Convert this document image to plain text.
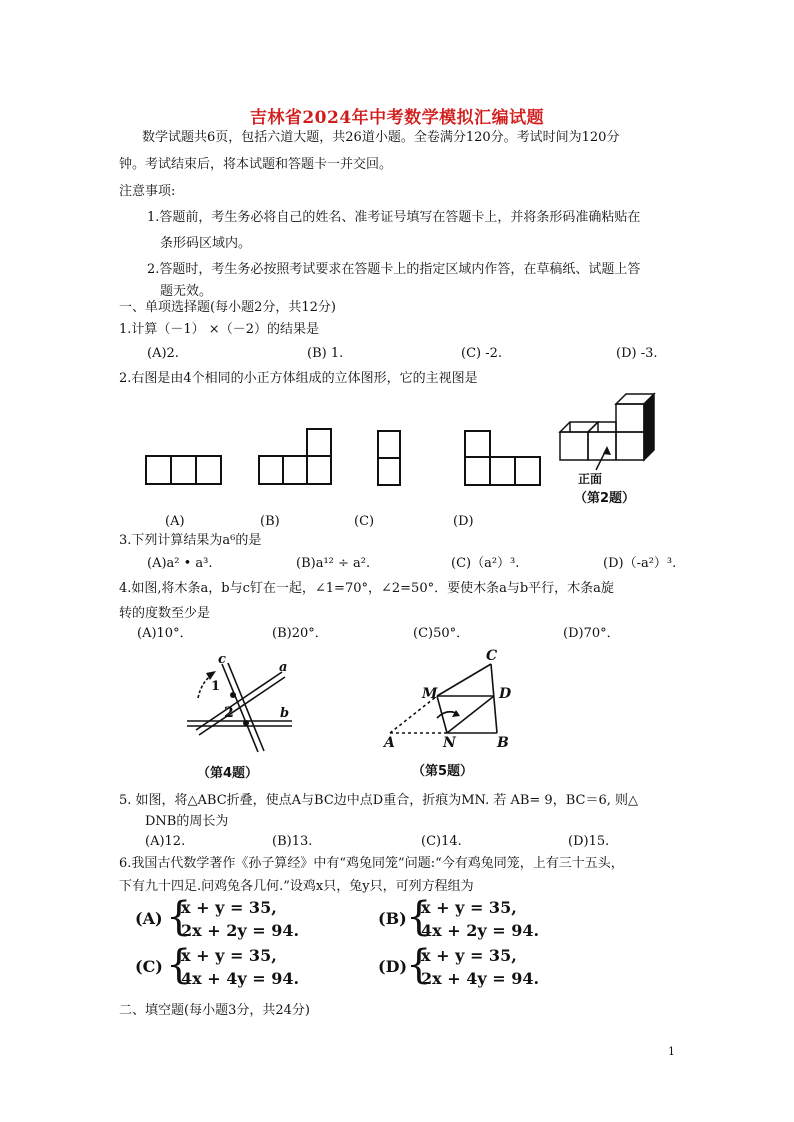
吉林省2024年中考数学模拟汇编试题
数学试题共6页，包括六道大题，共26道小题。全卷满分120分。考试时间为120分
钟。考试结束后，将本试题和答题卡一并交回。
注意事项:
1.答题前，考生务必将自己的姓名、准考证号填写在答题卡上，并将条形码准确粘贴在
条形码区域内。
2.答题时，考生务必按照考试要求在答题卡上的指定区域内作答，在草稿纸、试题上答
题无效。
一、单项选择题(每小题2分，共12分)
1.计算（－1） ×（－2）的结果是
(A)2.	(B) 1.	(C) -2.	(D) -3.
2.右图是由4个相同的小正方体组成的立体图形，它的主视图是
正面
（第2题）
(A)	(B)	(C)	(D)
3.下列计算结果为a⁶的是
(A)a² • a³.	(B)a¹² ÷ a².	(C)（a²）³.	(D)（-a²）³.
4.如图,将木条a，b与c钉在一起，∠1=70°，∠2=50°．要使木条a与b平行，木条a旋
转的度数至少是
(A)10°．	(B)20°．	(C)50°．	(D)70°．
c
a
b
1
2
（第4题）
C
M	D
A	N	B
（第5题）
5. 如图，将△ABC折叠，使点A与BC边中点D重合，折痕为MN. 若 AB= 9，BC＝6, 则△
DNB的周长为
(A)12.	(B)13.	(C)14.	(D)15.
6.我国古代数学著作《孙子算经》中有“鸡兔同笼”问题:“今有鸡兔同笼，上有三十五头，
下有九十四足.问鸡兔各几何.”设鸡x只，兔y只，可列方程组为
(A) {
x + y = 35,
2x + 2y = 94.
(B) {
x + y = 35,
4x + 2y = 94.
(C) {
x + y = 35,
4x + 4y = 94.
(D)
{
x + y = 35,
2x + 4y = 94.
二、填空题(每小题3分，共24分)
1
